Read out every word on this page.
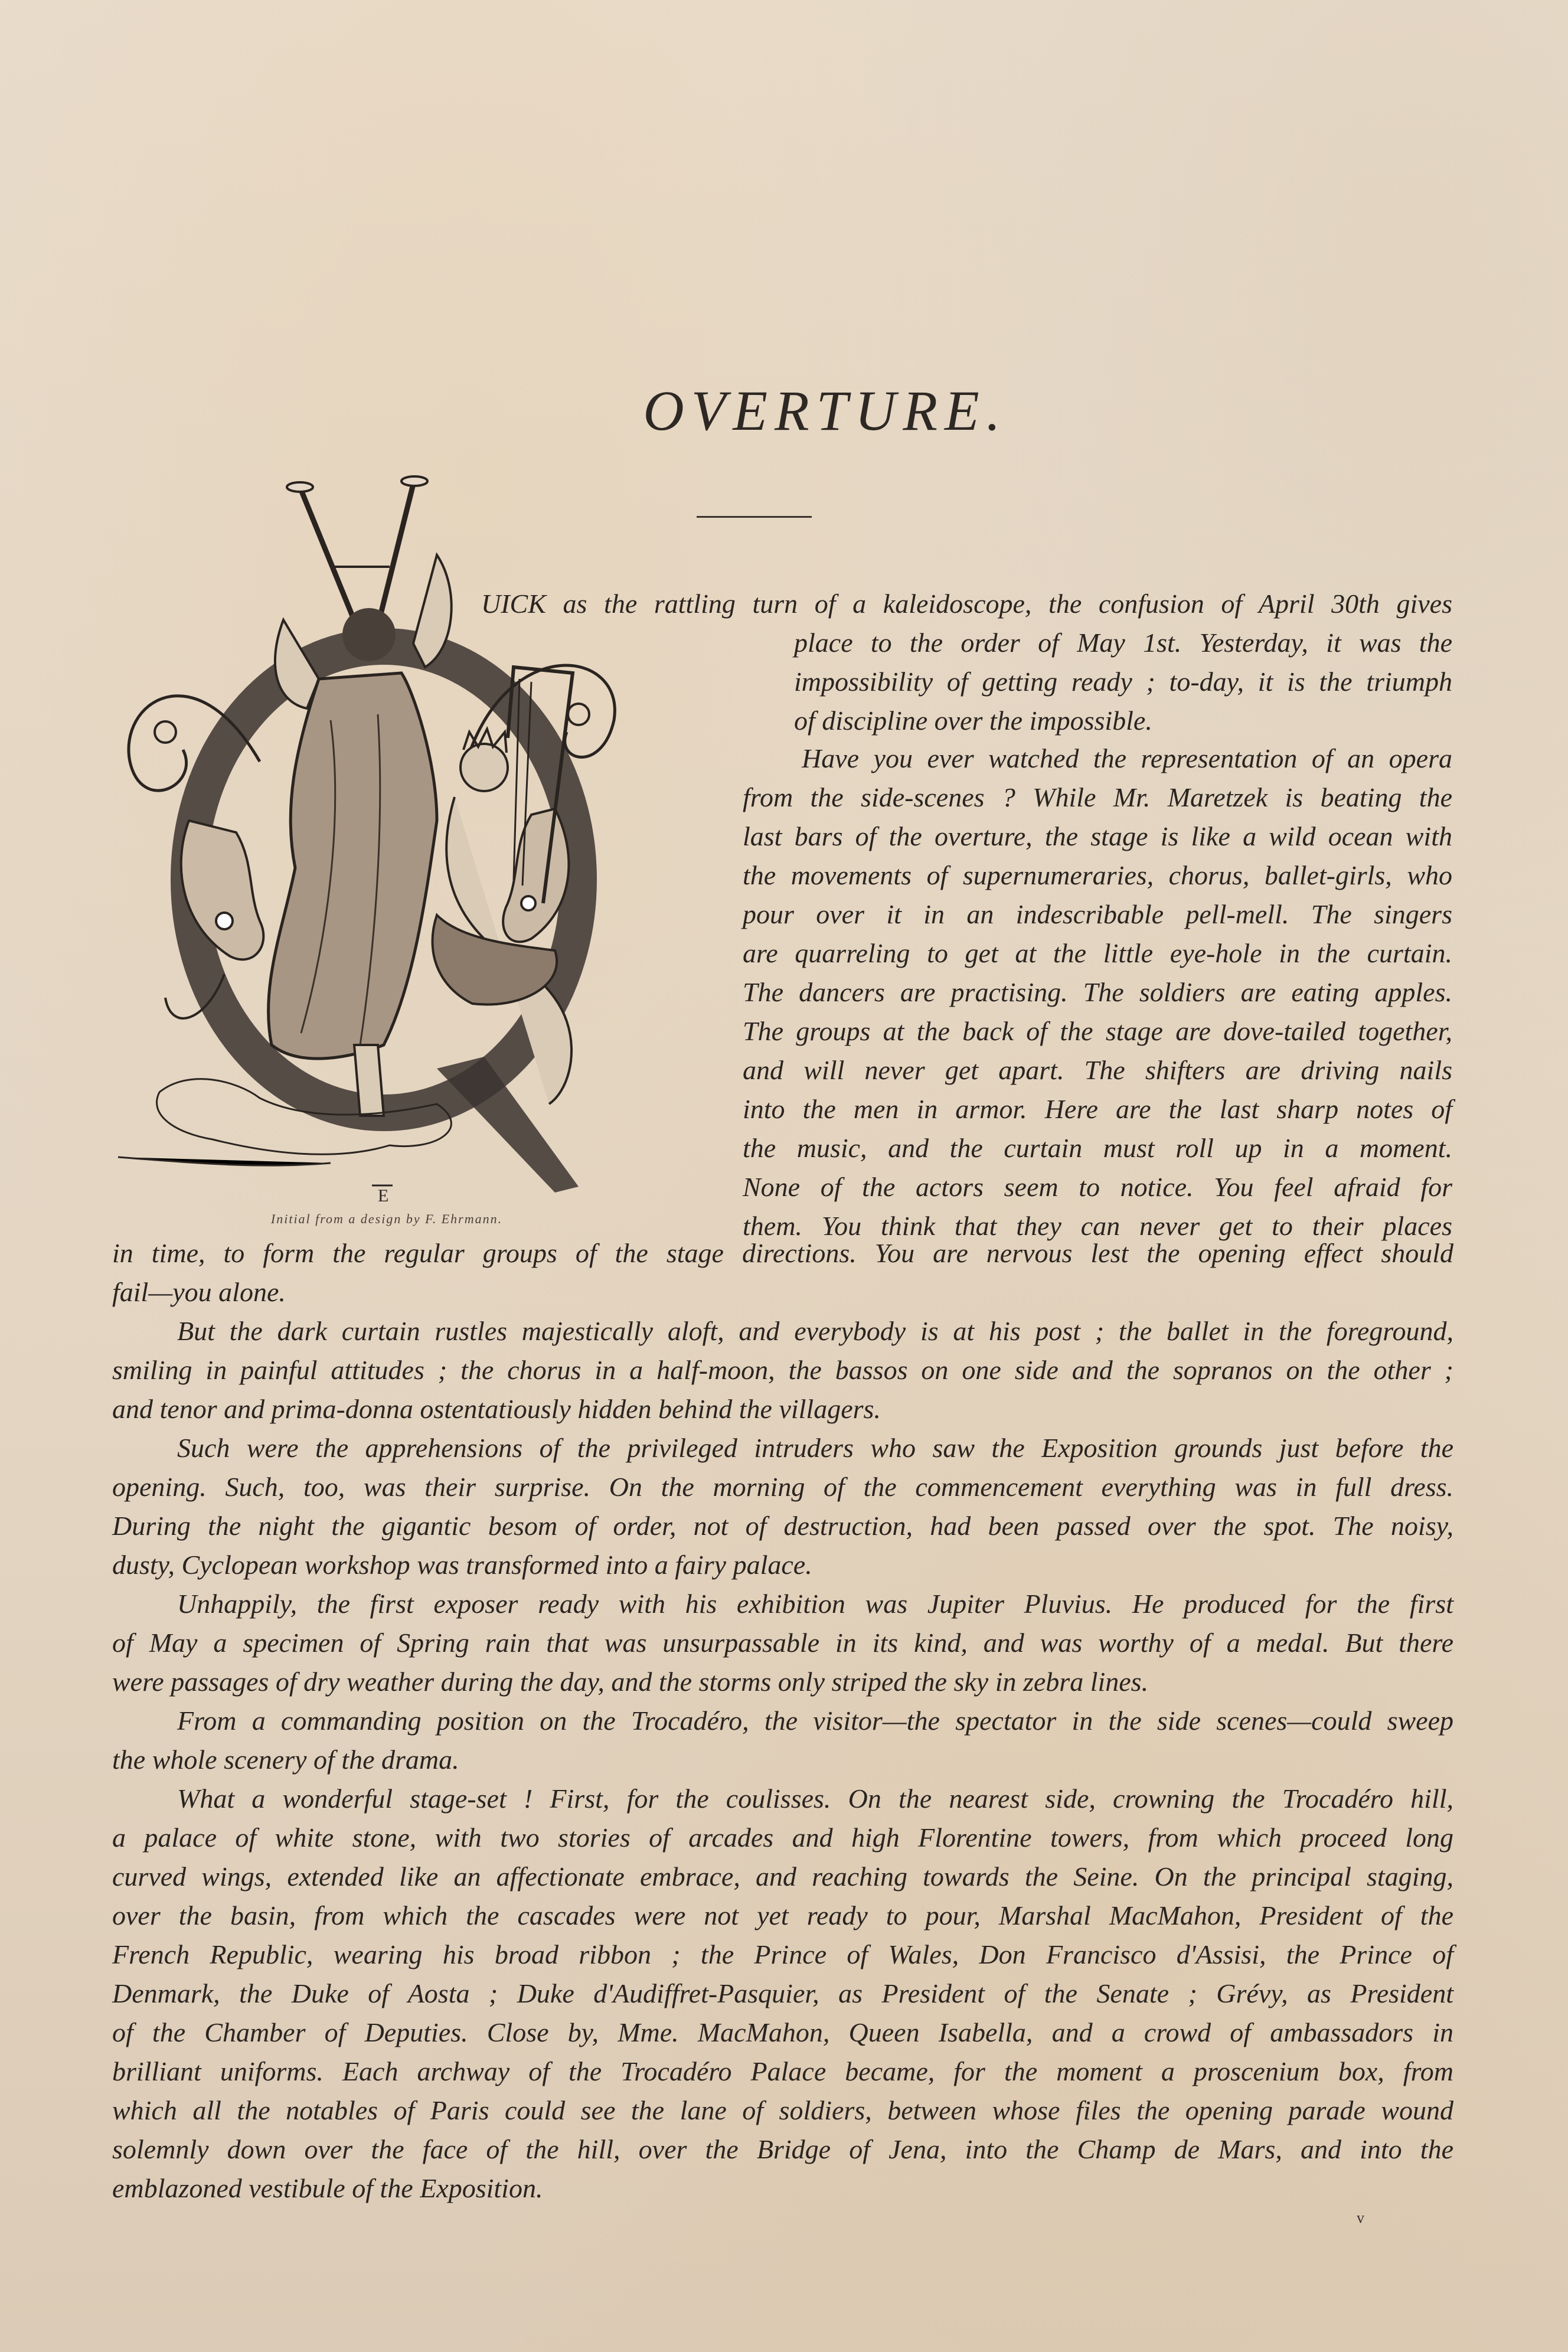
OVERTURE.
E
Initial from a design by F. Ehrmann.
UICK as the rattling turn of a kaleidoscope, the confusion of April 30th gives
place to the order of May 1st. Yesterday, it was the
impossibility of getting ready ; to-day, it is the triumph
of discipline over the impossible.
Have you ever watched the representation of an opera
from the side-scenes ? While Mr. Maretzek is beating the
last bars of the overture, the stage is like a wild ocean with
the movements of supernumeraries, chorus, ballet-girls, who
pour over it in an indescribable pell-mell. The singers
are quarreling to get at the little eye-hole in the curtain.
The dancers are practising. The soldiers are eating apples.
The groups at the back of the stage are dove-tailed together,
and will never get apart. The shifters are driving nails
into the men in armor. Here are the last sharp notes of
the music, and the curtain must roll up in a moment.
None of the actors seem to notice. You feel afraid for
them. You think that they can never get to their places
in time, to form the regular groups of the stage directions. You are nervous lest the opening effect should
fail—you alone.
But the dark curtain rustles majestically aloft, and everybody is at his post ; the ballet in the foreground,
smiling in painful attitudes ; the chorus in a half-moon, the bassos on one side and the sopranos on the other ;
and tenor and prima-donna ostentatiously hidden behind the villagers.
Such were the apprehensions of the privileged intruders who saw the Exposition grounds just before the
opening. Such, too, was their surprise. On the morning of the commencement everything was in full dress.
During the night the gigantic besom of order, not of destruction, had been passed over the spot. The noisy,
dusty, Cyclopean workshop was transformed into a fairy palace.
Unhappily, the first exposer ready with his exhibition was Jupiter Pluvius. He produced for the first
of May a specimen of Spring rain that was unsurpassable in its kind, and was worthy of a medal. But there
were passages of dry weather during the day, and the storms only striped the sky in zebra lines.
From a commanding position on the Trocadéro, the visitor—the spectator in the side scenes—could sweep
the whole scenery of the drama.
What a wonderful stage-set ! First, for the coulisses. On the nearest side, crowning the Trocadéro hill,
a palace of white stone, with two stories of arcades and high Florentine towers, from which proceed long
curved wings, extended like an affectionate embrace, and reaching towards the Seine. On the principal staging,
over the basin, from which the cascades were not yet ready to pour, Marshal MacMahon, President of the
French Republic, wearing his broad ribbon ; the Prince of Wales, Don Francisco d'Assisi, the Prince of
Denmark, the Duke of Aosta ; Duke d'Audiffret-Pasquier, as President of the Senate ; Grévy, as President
of the Chamber of Deputies. Close by, Mme. MacMahon, Queen Isabella, and a crowd of ambassadors in
brilliant uniforms. Each archway of the Trocadéro Palace became, for the moment a proscenium box, from
which all the notables of Paris could see the lane of soldiers, between whose files the opening parade wound
solemnly down over the face of the hill, over the Bridge of Jena, into the Champ de Mars, and into the
emblazoned vestibule of the Exposition.
v
